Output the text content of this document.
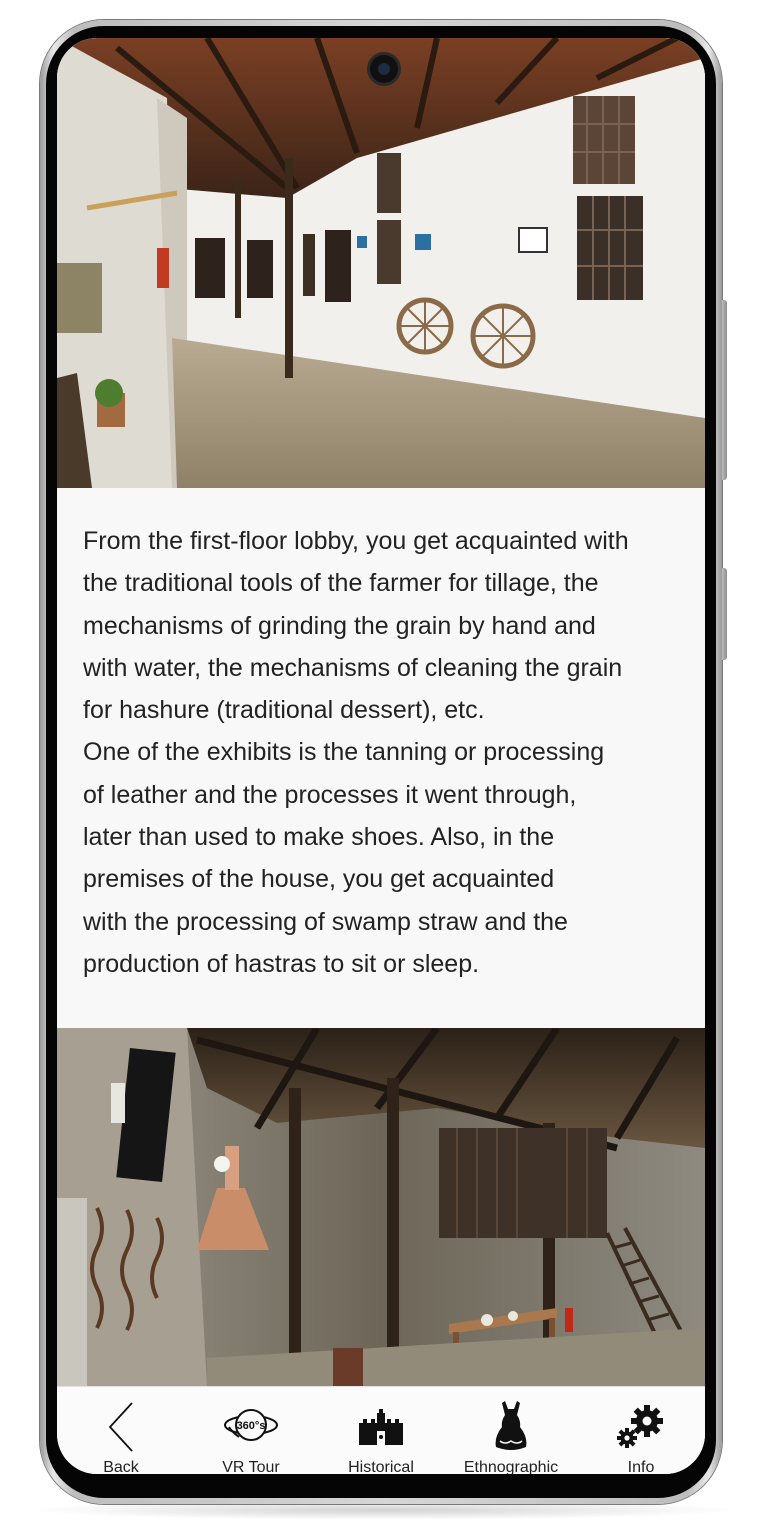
From the first-floor lobby, you get acquainted with
the traditional tools of the farmer for tillage, the
mechanisms of grinding the grain by hand and
with water, the mechanisms of cleaning the grain
for hashure (traditional dessert), etc.
One of the exhibits is the tanning or processing
of leather and the processes it went through,
later than used to make shoes. Also, in the
premises of the house, you get acquainted
with the processing of swamp straw and the
production of hastras to sit or sleep.

Back
360°s
VR Tour	Historical	Ethnographic	Info
